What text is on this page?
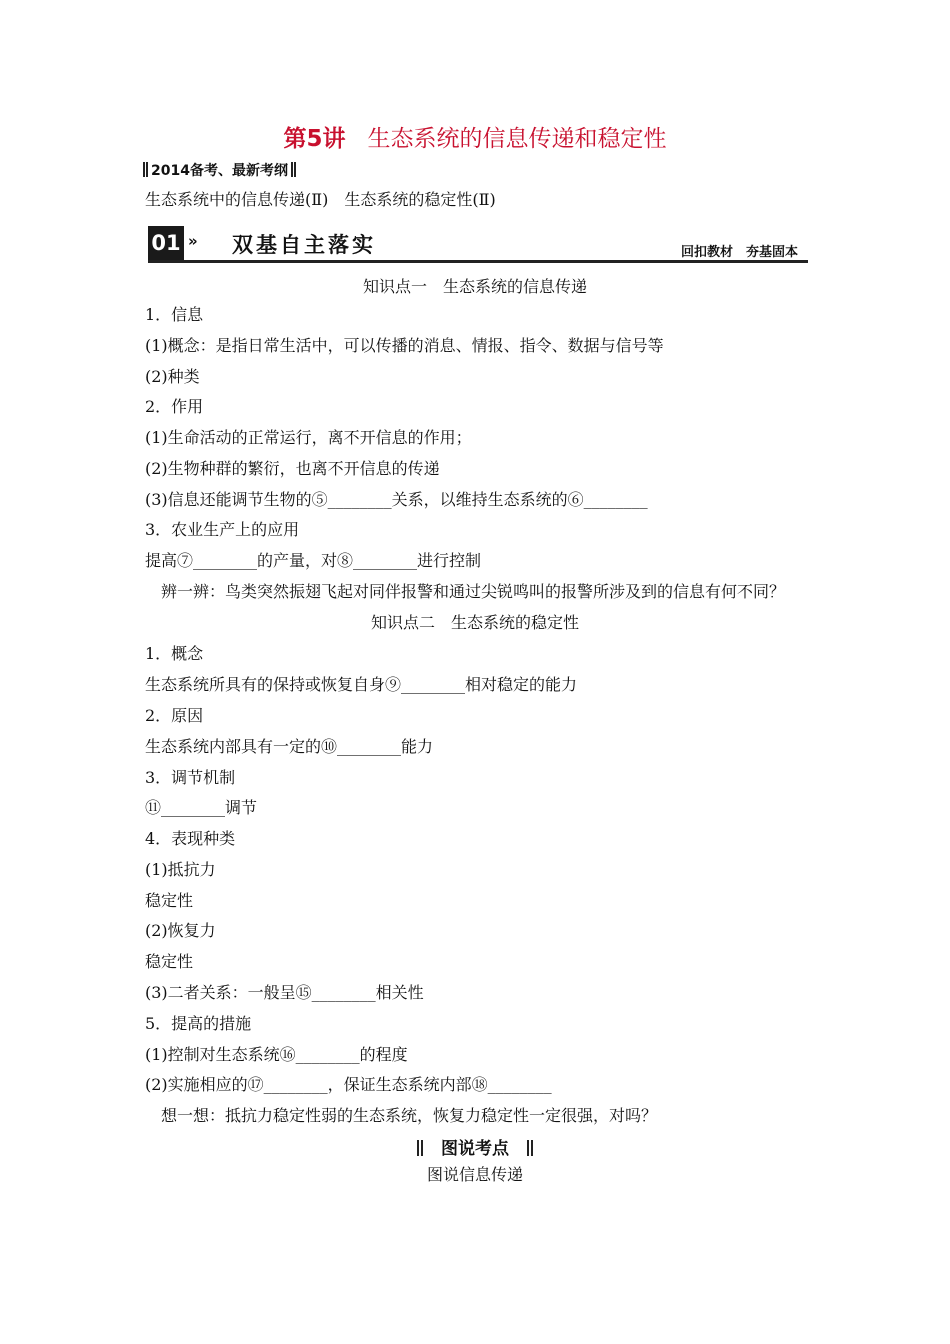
第5讲 生态系统的信息传递和稳定性
2014备考、最新考纲
生态系统中的信息传递(Ⅱ)　生态系统的稳定性(Ⅱ)
01 » 双基自主落实	回扣教材　夯基固本
知识点一　生态系统的信息传递
1．信息
(1)概念：是指日常生活中，可以传播的消息、情报、指令、数据与信号等
(2)种类
2．作用
(1)生命活动的正常运行，离不开信息的作用；
(2)生物种群的繁衍，也离不开信息的传递
(3)信息还能调节生物的⑤________关系，以维持生态系统的⑥________
3．农业生产上的应用
提高⑦________的产量，对⑧________进行控制
辨一辨：鸟类突然振翅飞起对同伴报警和通过尖锐鸣叫的报警所涉及到的信息有何不同？
知识点二　生态系统的稳定性
1．概念
生态系统所具有的保持或恢复自身⑨________相对稳定的能力
2．原因
生态系统内部具有一定的⑩________能力
3．调节机制
⑪________调节
4．表现种类
(1)抵抗力
稳定性
(2)恢复力
稳定性
(3)二者关系：一般呈⑮________相关性
5．提高的措施
(1)控制对生态系统⑯________的程度
(2)实施相应的⑰________，保证生态系统内部⑱________
想一想：抵抗力稳定性弱的生态系统，恢复力稳定性一定很强，对吗？
图说考点
图说信息传递
